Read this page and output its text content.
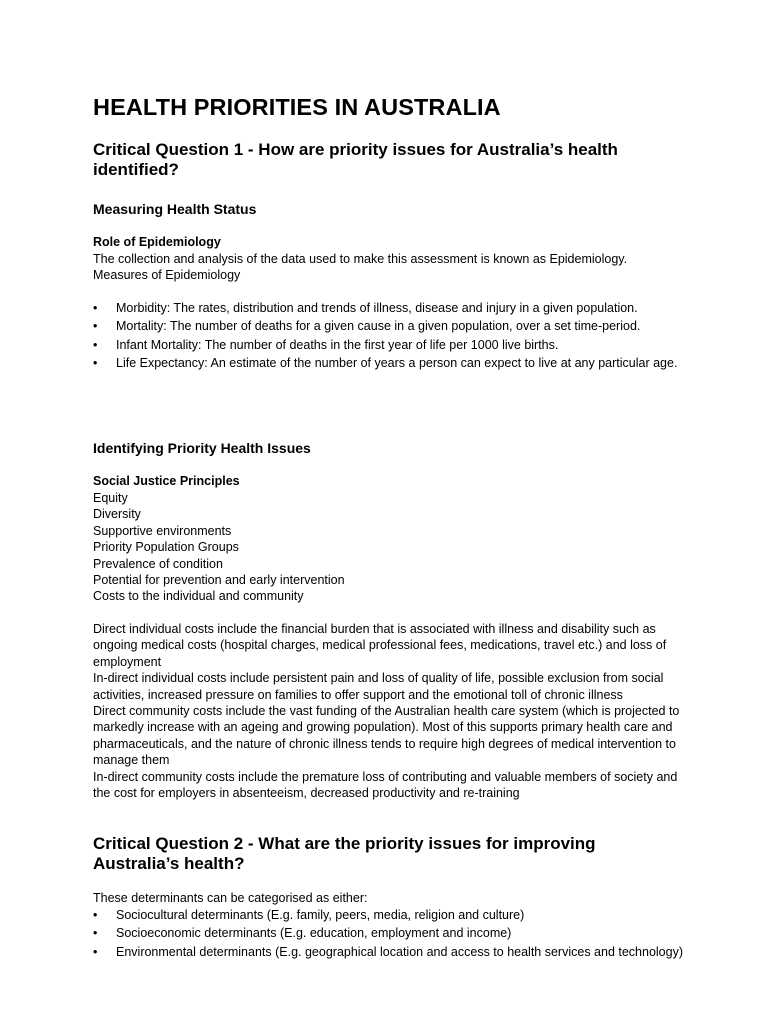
HEALTH PRIORITIES IN AUSTRALIA
Critical Question 1 - How are priority issues for Australia’s health identified?
Measuring Health Status
Role of Epidemiology

The collection and analysis of the data used to make this assessment is known as Epidemiology.

Measures of Epidemiology

•	Morbidity: The rates, distribution and trends of illness, disease and injury in a given population.
•	Mortality: The number of deaths for a given cause in a given population, over a set time-period.
•	Infant Mortality: The number of deaths in the first year of life per 1000 live births.
•	Life Expectancy: An estimate of the number of years a person can expect to live at any particular age.
Identifying Priority Health Issues
Social Justice Principles

Equity

Diversity

Supportive environments

Priority Population Groups

Prevalence of condition

Potential for prevention and early intervention

Costs to the individual and community

Direct individual costs include the financial burden that is associated with illness and disability such as ongoing medical costs (hospital charges, medical professional fees, medications, travel etc.) and loss of employment

In-direct individual costs include persistent pain and loss of quality of life, possible exclusion from social activities, increased pressure on families to offer support and the emotional toll of chronic illness

Direct community costs include the vast funding of the Australian health care system (which is projected to markedly increase with an ageing and growing population). Most of this supports primary health care and pharmaceuticals, and the nature of chronic illness tends to require high degrees of medical intervention to manage them

In-direct community costs include the premature loss of contributing and valuable members of society and the cost for employers in absenteeism, decreased productivity and re-training

Critical Question 2 - What are the priority issues for improving Australia’s health?

These determinants can be categorised as either:

•	Sociocultural determinants (E.g. family, peers, media, religion and culture)
•	Socioeconomic determinants (E.g. education, employment and income)
•	Environmental determinants (E.g. geographical location and access to health services and technology)
